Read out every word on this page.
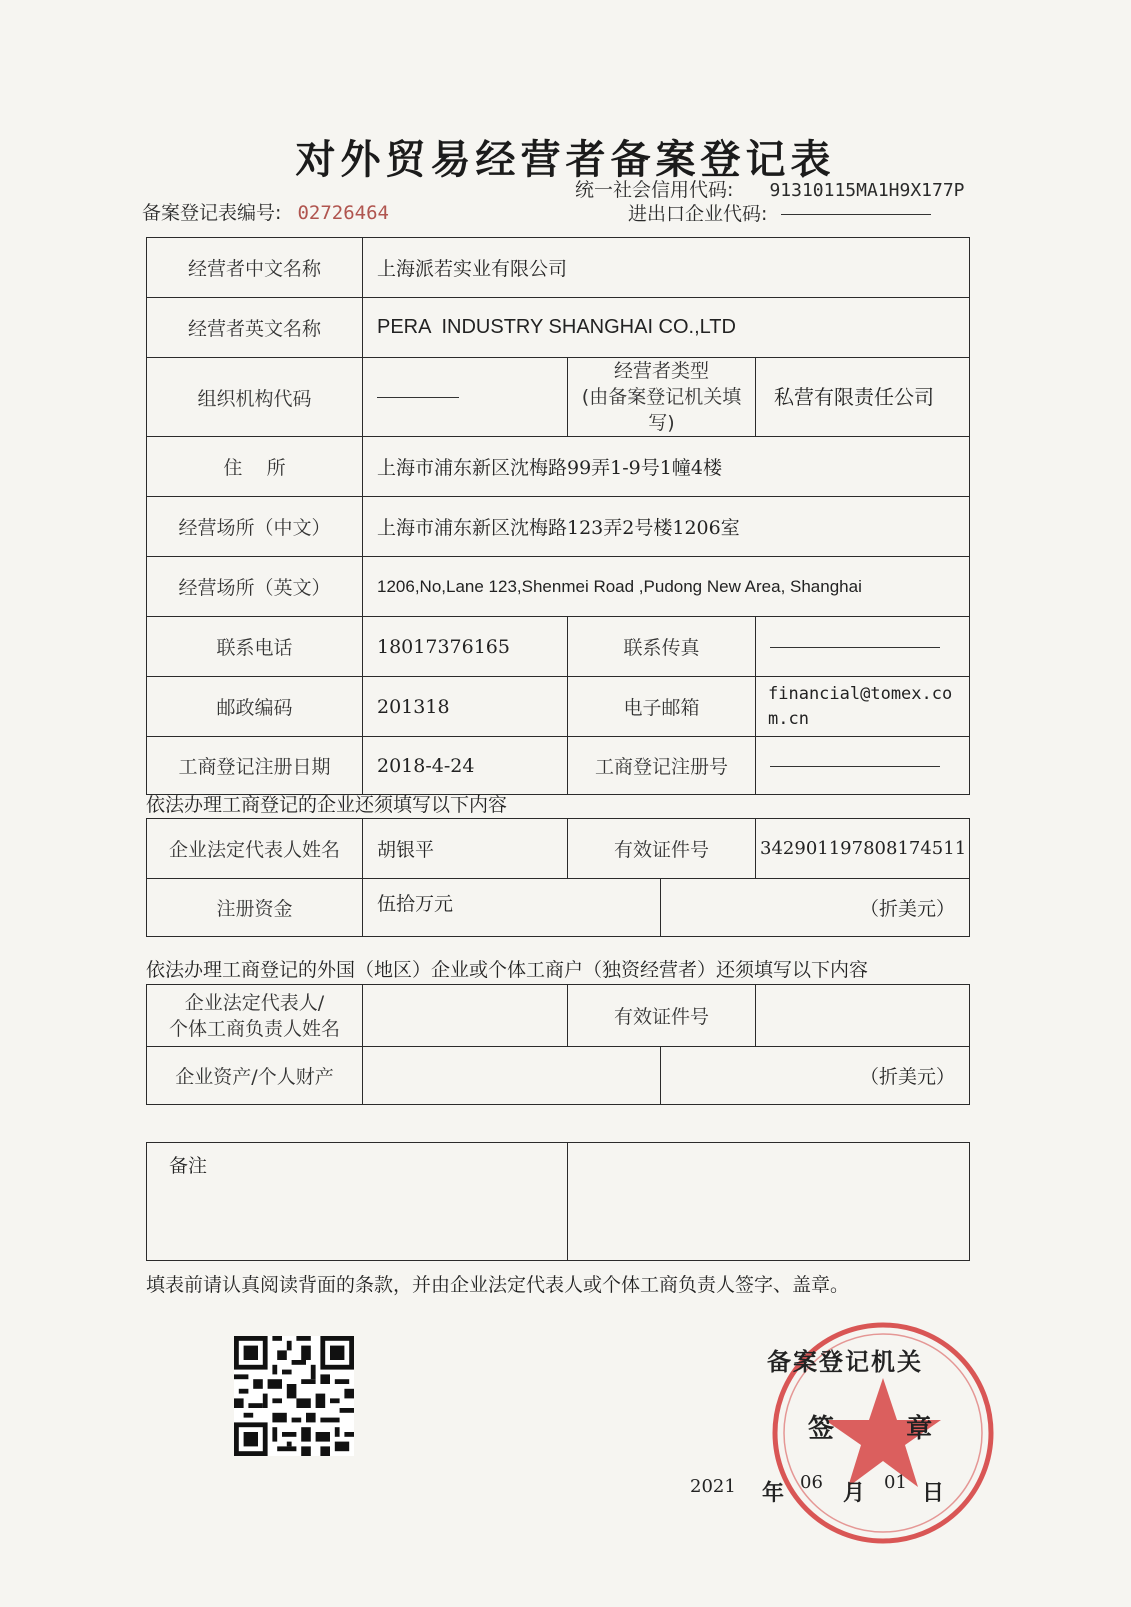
对外贸易经营者备案登记表
统一社会信用代码: 91310115MA1H9X177P
备案登记表编号: 02726464	进出口企业代码:
经营者中文名称	上海派若实业有限公司		
经营者英文名称	PERA  INDUSTRY SHANGHAI CO.,LTD		
组织机构代码		经营者类型
(由备案登记机关填写)	私营有限责任公司
住    所	上海市浦东新区沈梅路99弄1-9号1幢4楼		
经营场所（中文）	上海市浦东新区沈梅路123弄2号楼1206室		
经营场所（英文）	1206,No,Lane 123,Shenmei Road ,Pudong New Area, Shanghai		
联系电话	18017376165	联系传真	
邮政编码	201318	电子邮箱	financial@tomex.com.cn
工商登记注册日期	2018-4-24	工商登记注册号	
依法办理工商登记的企业还须填写以下内容
企业法定代表人姓名	胡银平	有效证件号		342901197808174511
注册资金	伍拾万元		（折美元）	
依法办理工商登记的外国（地区）企业或个体工商户（独资经营者）还须填写以下内容
企业法定代表人/
个体工商负责人姓名		有效证件号		
企业资产/个人财产			（折美元）	
备注	
填表前请认真阅读背面的条款，并由企业法定代表人或个体工商负责人签字、盖章。
备案登记机关
签  章
2021 年 06 月 01 日
